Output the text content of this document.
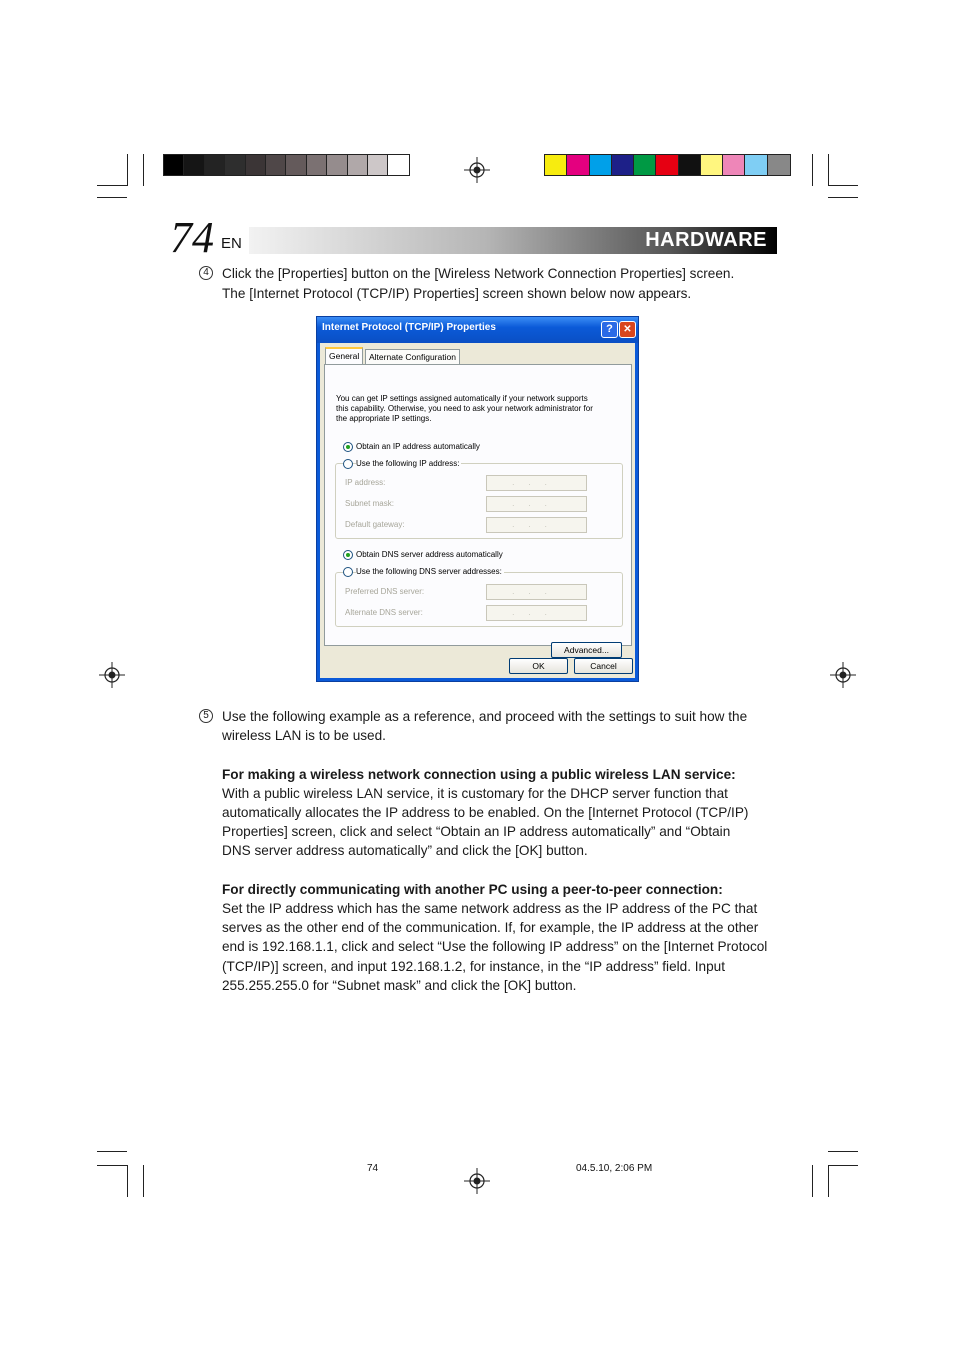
74 EN	HARDWARE
4 Click the [Properties] button on the [Wireless Network Connection Properties] screen.
The [Internet Protocol (TCP/IP) Properties] screen shown below now appears.
Internet Protocol (TCP/IP) Properties	?	✕
General	Alternate Configuration
You can get IP settings assigned automatically if your network supports
this capability. Otherwise, you need to ask your network administrator for
the appropriate IP settings.
Obtain an IP address automatically
Use the following IP address:
IP address:	...
Subnet mask:	...
Default gateway:	...
Obtain DNS server address automatically
Use the following DNS server addresses:
Preferred DNS server:	...
Alternate DNS server:	...
Advanced...
OK	Cancel
5 Use the following example as a reference, and proceed with the settings to suit how the
wireless LAN is to be used.
For making a wireless network connection using a public wireless LAN service:
With a public wireless LAN service, it is customary for the DHCP server function that
automatically allocates the IP address to be enabled. On the [Internet Protocol (TCP/IP)
Properties] screen, click and select “Obtain an IP address automatically” and “Obtain
DNS server address automatically” and click the [OK] button.
For directly communicating with another PC using a peer-to-peer connection:
Set the IP address which has the same network address as the IP address of the PC that
serves as the other end of the communication. If, for example, the IP address at the other
end is 192.168.1.1, click and select “Use the following IP address” on the [Internet Protocol
(TCP/IP)] screen, and input 192.168.1.2, for instance, in the “IP address” field. Input
255.255.255.0 for “Subnet mask” and click the [OK] button.
74	04.5.10, 2:06 PM
